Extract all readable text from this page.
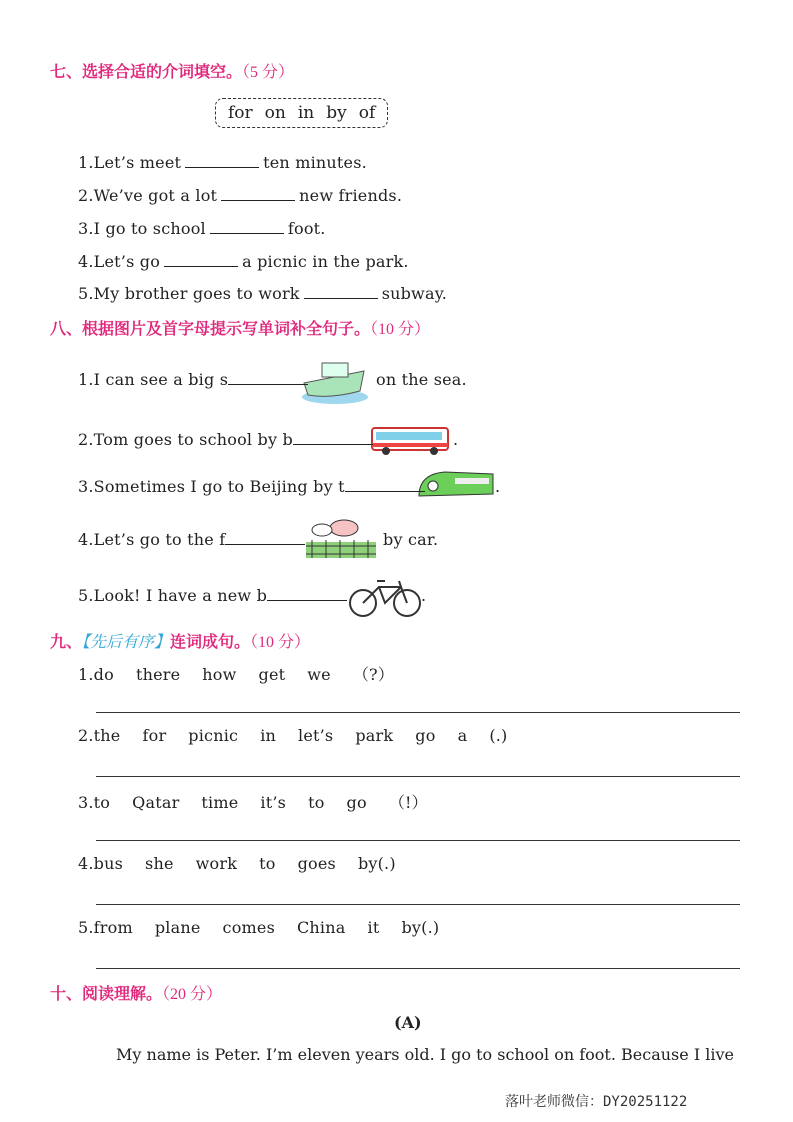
七、选择合适的介词填空。（5 分）
for on in by of
八、根据图片及首字母提示写单词补全句子。（10 分）
九、【先后有序】连词成句。（10 分）
十、阅读理解。（20 分）
(A)
My name is Peter. I’m eleven years old. I go to school on foot. Because I live
落叶老师微信：DY20251122
1.Let’s meet	ten minutes.
2.We’ve got a lot	new friends.
3.I go to school	foot.
4.Let’s go	a picnic in the park.
5.My brother goes to work	subway.
1.I can see a big s	on the sea.
2.Tom goes to school by b	.
3.Sometimes I go to Beijing by t	.
4.Let’s go to the f	by car.
5.Look! I have a new b	.
1.do there how get we （?）
2.the for picnic in let’s park go a (.)
3.to Qatar time it’s to go （!）
4.bus she work to goes by(.)
5.from plane comes China it by(.)
